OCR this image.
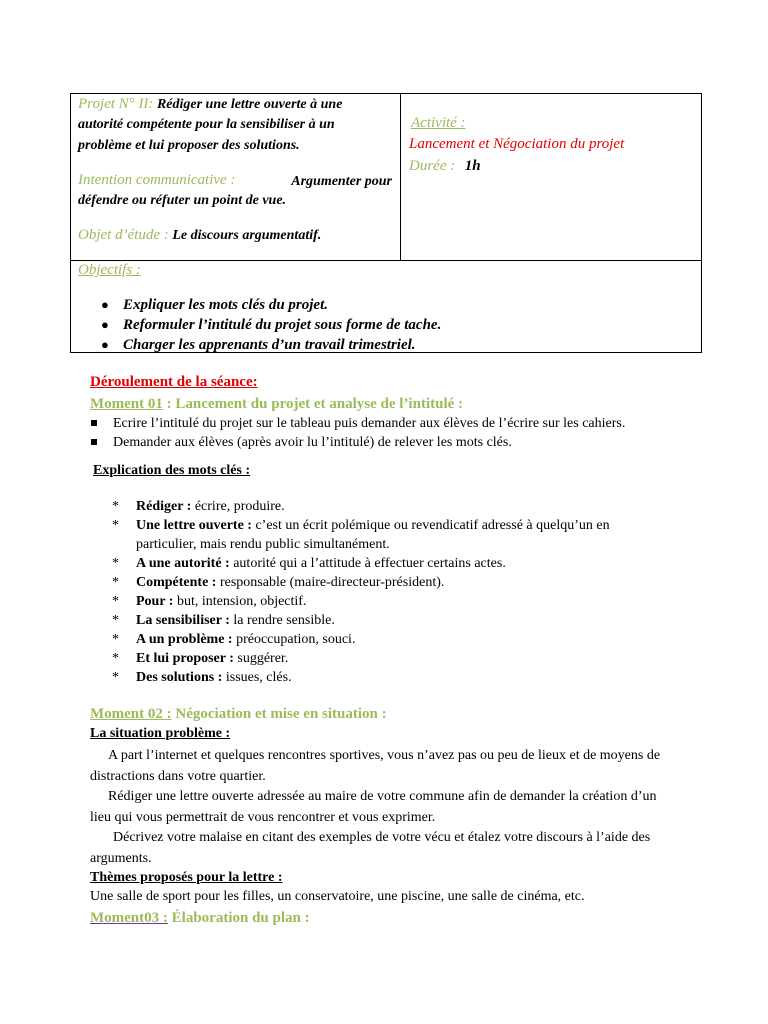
Projet N° II: Rédiger une lettre ouverte à une
autorité compétente pour la sensibiliser à un
problème et lui proposer des solutions.
Intention communicative :	Argumenter pour
défendre ou réfuter un point de vue.
Objet d’étude : Le discours argumentatif.
Activité :
Lancement et Négociation du projet
Durée : 1h
Objectifs :
● Expliquer les mots clés du projet.
● Reformuler l’intitulé du projet sous forme de tache.
● Charger les apprenants d’un travail trimestriel.
Déroulement de la séance:
Moment 01 : Lancement du projet et analyse de l’intitulé :
Ecrire l’intitulé du projet sur le tableau puis demander aux élèves de l’écrire sur les cahiers.
Demander aux élèves (après avoir lu l’intitulé) de relever les mots clés.
Explication des mots clés :
* Rédiger : écrire, produire.
* Une lettre ouverte : c’est un écrit polémique ou revendicatif adressé à quelqu’un en particulier, mais rendu public simultanément.
* A une autorité : autorité qui a l’attitude à effectuer certains actes.
* Compétente : responsable (maire-directeur-président).
* Pour : but, intension, objectif.
* La sensibiliser : la rendre sensible.
* A un problème : préoccupation, souci.
* Et lui proposer : suggérer.
* Des solutions : issues, clés.
Moment 02 : Négociation et mise en situation :
La situation problème :
A part l’internet et quelques rencontres sportives, vous n’avez pas ou peu de lieux et de moyens de distractions dans votre quartier.
Rédiger une lettre ouverte adressée au maire de votre commune afin de demander la création d’un lieu qui vous permettrait de vous rencontrer et vous exprimer.
Décrivez votre malaise en citant des exemples de votre vécu et étalez votre discours à l’aide des arguments.
Thèmes proposés pour la lettre :
Une salle de sport pour les filles, un conservatoire, une piscine, une salle de cinéma, etc.
Moment03 : Élaboration du plan :
